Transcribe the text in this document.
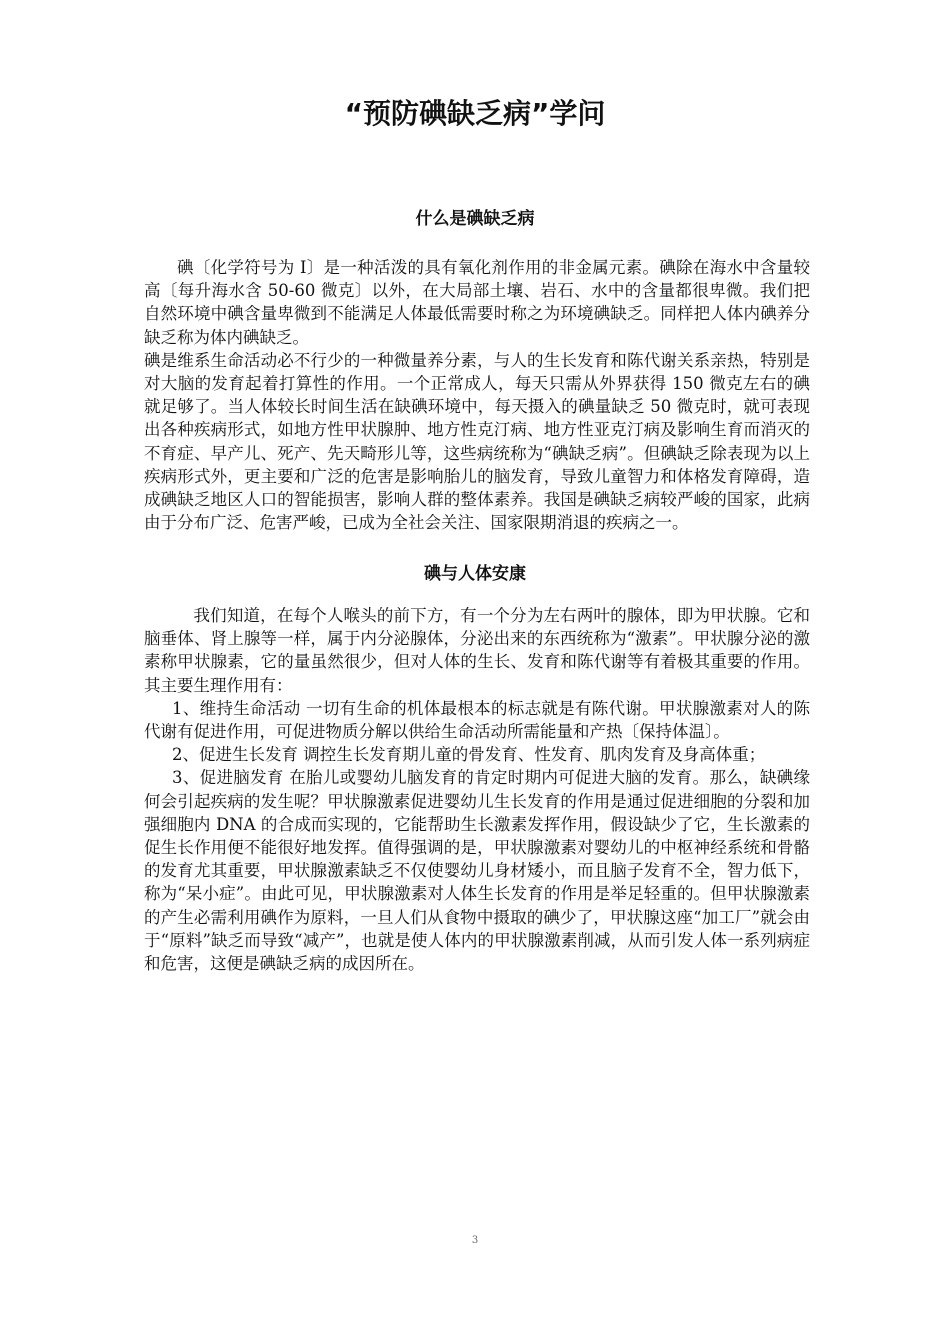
“预防碘缺乏病”学问
什么是碘缺乏病

碘〔化学符号为 I〕是一种活泼的具有氧化剂作用的非金属元素。碘除在海水中含量较高〔每升海水含 50-60 微克〕以外，在大局部土壤、岩石、水中的含量都很卑微。我们把自然环境中碘含量卑微到不能满足人体最低需要时称之为环境碘缺乏。同样把人体内碘养分缺乏称为体内碘缺乏。

碘是维系生命活动必不行少的一种微量养分素，与人的生长发育和陈代谢关系亲热，特别是对大脑的发育起着打算性的作用。一个正常成人，每天只需从外界获得 150 微克左右的碘就足够了。当人体较长时间生活在缺碘环境中，每天摄入的碘量缺乏 50 微克时，就可表现出各种疾病形式，如地方性甲状腺肿、地方性克汀病、地方性亚克汀病及影响生育而消灭的不育症、早产儿、死产、先天畸形儿等，这些病统称为“碘缺乏病”。但碘缺乏除表现为以上疾病形式外，更主要和广泛的危害是影响胎儿的脑发育，导致儿童智力和体格发育障碍，造成碘缺乏地区人口的智能损害，影响人群的整体素养。我国是碘缺乏病较严峻的国家，此病由于分布广泛、危害严峻，已成为全社会关注、国家限期消退的疾病之一。

碘与人体安康

我们知道，在每个人喉头的前下方，有一个分为左右两叶的腺体，即为甲状腺。它和脑垂体、肾上腺等一样，属于内分泌腺体，分泌出来的东西统称为“激素”。甲状腺分泌的激素称甲状腺素，它的量虽然很少，但对人体的生长、发育和陈代谢等有着极其重要的作用。其主要生理作用有：

1、维持生命活动 一切有生命的机体最根本的标志就是有陈代谢。甲状腺激素对人的陈代谢有促进作用，可促进物质分解以供给生命活动所需能量和产热〔保持体温〕。

2、促进生长发育 调控生长发育期儿童的骨发育、性发育、肌肉发育及身高体重；

3、促进脑发育 在胎儿或婴幼儿脑发育的肯定时期内可促进大脑的发育。那么，缺碘缘何会引起疾病的发生呢？甲状腺激素促进婴幼儿生长发育的作用是通过促进细胞的分裂和加强细胞内 DNA 的合成而实现的，它能帮助生长激素发挥作用，假设缺少了它，生长激素的促生长作用便不能很好地发挥。值得强调的是，甲状腺激素对婴幼儿的中枢神经系统和骨骼的发育尤其重要，甲状腺激素缺乏不仅使婴幼儿身材矮小，而且脑子发育不全，智力低下，称为“呆小症”。由此可见，甲状腺激素对人体生长发育的作用是举足轻重的。但甲状腺激素的产生必需利用碘作为原料，一旦人们从食物中摄取的碘少了，甲状腺这座“加工厂”就会由于“原料”缺乏而导致“减产”，也就是使人体内的甲状腺激素削减，从而引发人体一系列病症和危害，这便是碘缺乏病的成因所在。

3
